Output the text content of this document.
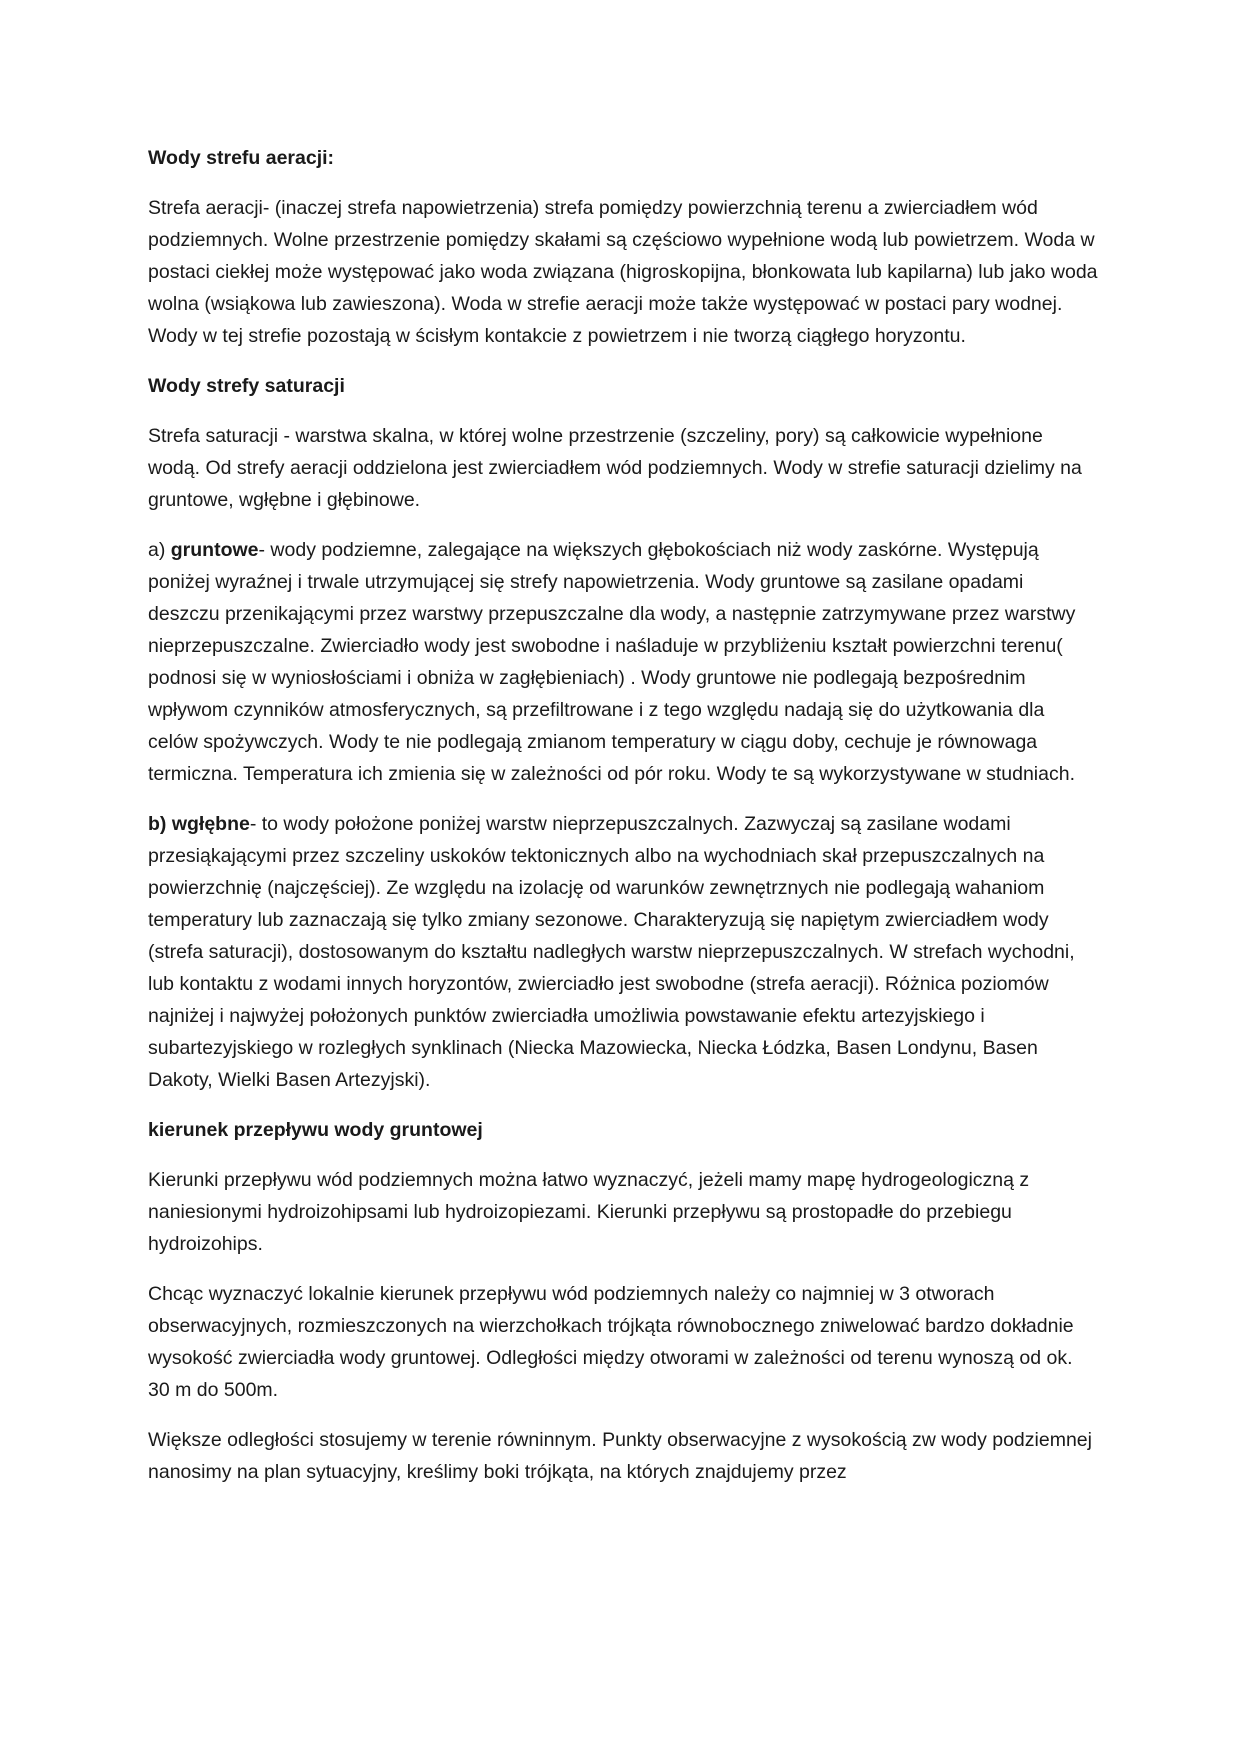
Wody strefu aeracji:

Strefa aeracji- (inaczej strefa napowietrzenia) strefa pomiędzy powierzchnią terenu a zwierciadłem wód podziemnych. Wolne przestrzenie pomiędzy skałami są częściowo wypełnione wodą lub powietrzem. Woda w postaci ciekłej może występować jako woda związana (higroskopijna, błonkowata lub kapilarna) lub jako woda wolna (wsiąkowa lub zawieszona). Woda w strefie aeracji może także występować w postaci pary wodnej. Wody w tej strefie pozostają w ścisłym kontakcie z powietrzem i nie tworzą ciągłego horyzontu.

Wody strefy saturacji

Strefa saturacji - warstwa skalna, w której wolne przestrzenie (szczeliny, pory) są całkowicie wypełnione wodą. Od strefy aeracji oddzielona jest zwierciadłem wód podziemnych. Wody w strefie saturacji dzielimy na gruntowe, wgłębne i głębinowe.

a) gruntowe- wody podziemne, zalegające na większych głębokościach niż wody zaskórne. Występują poniżej wyraźnej i trwale utrzymującej się strefy napowietrzenia. Wody gruntowe są zasilane opadami deszczu przenikającymi przez warstwy przepuszczalne dla wody, a następnie zatrzymywane przez warstwy nieprzepuszczalne. Zwierciadło wody jest swobodne i naśladuje w przybliżeniu kształt powierzchni terenu( podnosi się w wyniosłościami i obniża w zagłębieniach) . Wody gruntowe nie podlegają bezpośrednim wpływom czynników atmosferycznych, są przefiltrowane i z tego względu nadają się do użytkowania dla celów spożywczych. Wody te nie podlegają zmianom temperatury w ciągu doby, cechuje je równowaga termiczna. Temperatura ich zmienia się w zależności od pór roku. Wody te są wykorzystywane w studniach.

b) wgłębne- to wody położone poniżej warstw nieprzepuszczalnych. Zazwyczaj są zasilane wodami przesiąkającymi przez szczeliny uskoków tektonicznych albo na wychodniach skał przepuszczalnych na powierzchnię (najczęściej). Ze względu na izolację od warunków zewnętrznych nie podlegają wahaniom temperatury lub zaznaczają się tylko zmiany sezonowe. Charakteryzują się napiętym zwierciadłem wody (strefa saturacji), dostosowanym do kształtu nadległych warstw nieprzepuszczalnych. W strefach wychodni, lub kontaktu z wodami innych horyzontów, zwierciadło jest swobodne (strefa aeracji). Różnica poziomów najniżej i najwyżej położonych punktów zwierciadła umożliwia powstawanie efektu artezyjskiego i subartezyjskiego w rozległych synklinach (Niecka Mazowiecka, Niecka Łódzka, Basen Londynu, Basen Dakoty, Wielki Basen Artezyjski).

kierunek przepływu wody gruntowej

Kierunki przepływu wód podziemnych można łatwo wyznaczyć, jeżeli mamy mapę hydrogeologiczną z naniesionymi hydroizohipsami lub hydroizopiezami. Kierunki przepływu są prostopadłe do przebiegu hydroizohips.

Chcąc wyznaczyć lokalnie kierunek przepływu wód podziemnych należy co najmniej w 3 otworach obserwacyjnych, rozmieszczonych na wierzchołkach trójkąta równobocznego zniwelować bardzo dokładnie wysokość zwierciadła wody gruntowej. Odległości między otworami w zależności od terenu wynoszą od ok. 30 m do 500m.

Większe odległości stosujemy w terenie równinnym. Punkty obserwacyjne z wysokością zw wody podziemnej nanosimy na plan sytuacyjny, kreślimy boki trójkąta, na których znajdujemy przez
